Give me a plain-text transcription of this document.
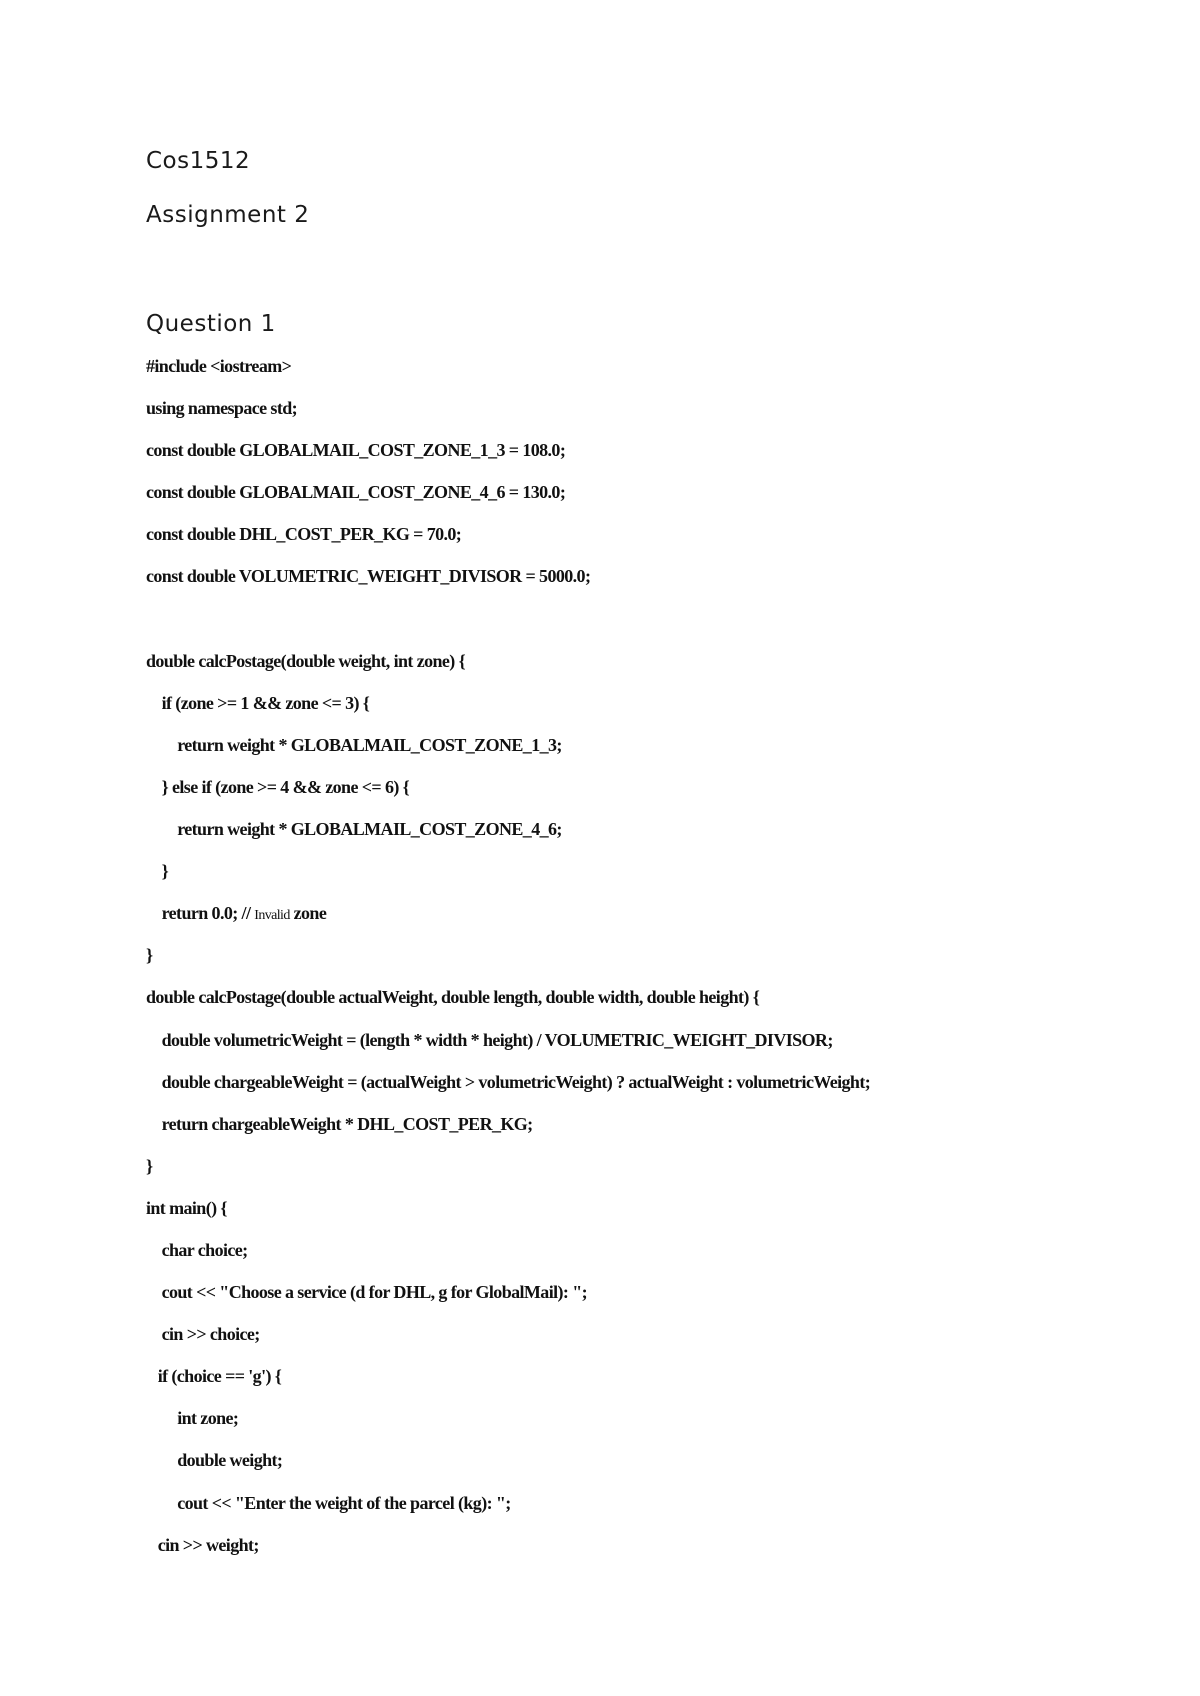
Cos1512
Assignment 2
Question 1
#include <iostream>
using namespace std;
const double GLOBALMAIL_COST_ZONE_1_3 = 108.0;
const double GLOBALMAIL_COST_ZONE_4_6 = 130.0;
const double DHL_COST_PER_KG = 70.0;
const double VOLUMETRIC_WEIGHT_DIVISOR = 5000.0;
double calcPostage(double weight, int zone) {
if (zone >= 1 && zone <= 3) {
return weight * GLOBALMAIL_COST_ZONE_1_3;
} else if (zone >= 4 && zone <= 6) {
return weight * GLOBALMAIL_COST_ZONE_4_6;
}
return 0.0; // Invalid zone
}
double calcPostage(double actualWeight, double length, double width, double height) {
double volumetricWeight = (length * width * height) / VOLUMETRIC_WEIGHT_DIVISOR;
double chargeableWeight = (actualWeight > volumetricWeight) ? actualWeight : volumetricWeight;
return chargeableWeight * DHL_COST_PER_KG;
}
int main() {
char choice;
cout << "Choose a service (d for DHL, g for GlobalMail): ";
cin >> choice;
if (choice == 'g') {
int zone;
double weight;
cout << "Enter the weight of the parcel (kg): ";
cin >> weight;
